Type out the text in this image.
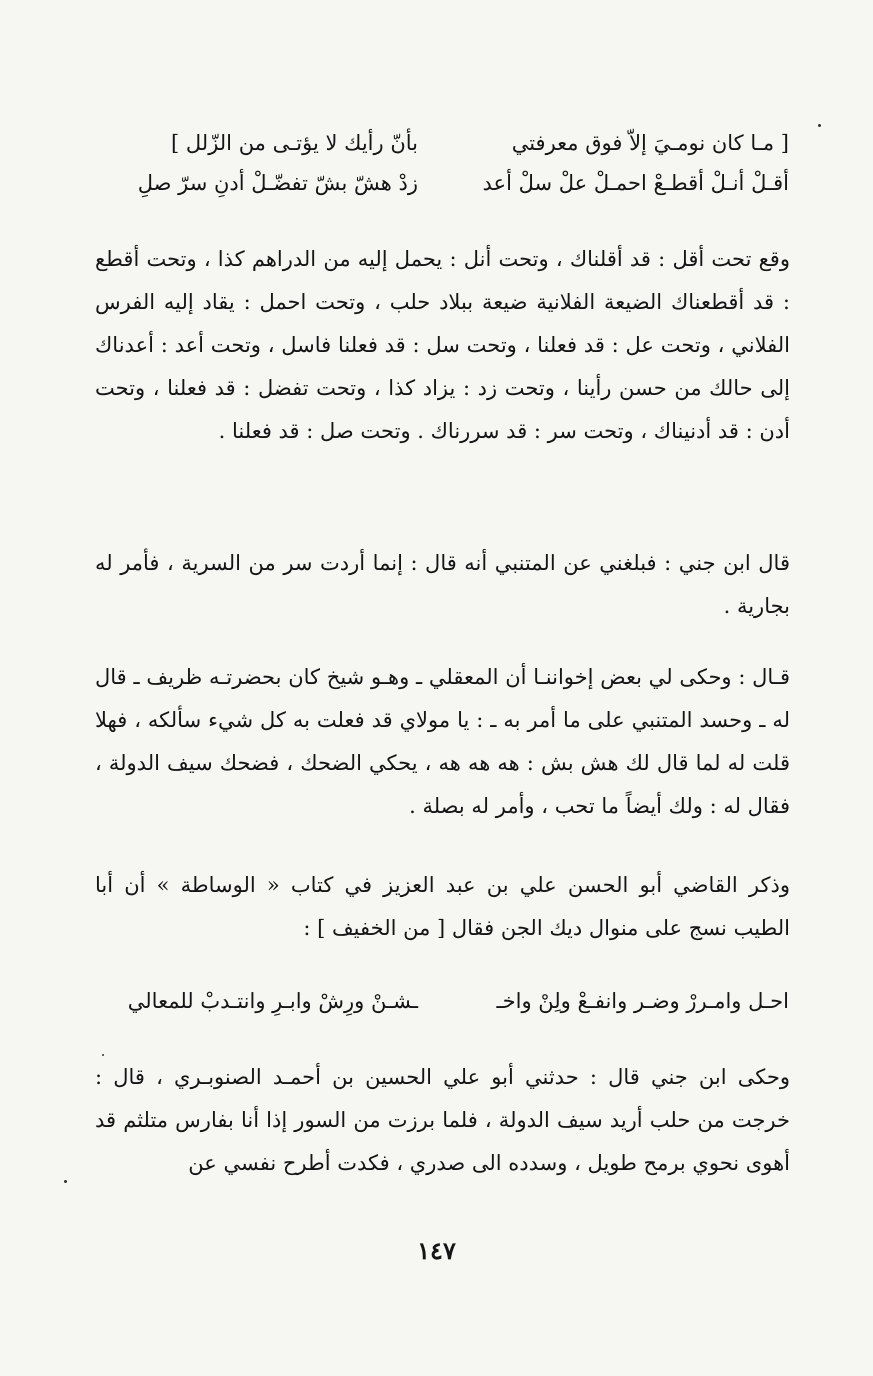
[ مـا كان نومـيَ إلاّ فوق معرفتي
بأنّ رأيك لا يؤتـى من الزّلل ]
أقـلْ أنـلْ أقطـعْ احمـلْ علْ سلْ أعد
زدْ هشّ بشّ تفضّـلْ أدنِ سرّ صلِ
وقع تحت أقل : قد أقلناك ، وتحت أنل : يحمل إليه من الدراهم كذا ، وتحت أقطع : قد أقطعناك الضيعة الفلانية ضيعة ببلاد حلب ، وتحت احمل : يقاد إليه الفرس الفلاني ، وتحت عل : قد فعلنا ، وتحت سل : قد فعلنا فاسل ، وتحت أعد : أعدناك إلى حالك من حسن رأينا ، وتحت زد : يزاد كذا ، وتحت تفضل : قد فعلنا ، وتحت أدن : قد أدنيناك ، وتحت سر : قد سررناك . وتحت صل : قد فعلنا .
قال ابن جني : فبلغني عن المتنبي أنه قال : إنما أردت سر من السرية ، فأمر له بجارية .
قـال : وحكى لي بعض إخواننـا أن المعقلي ـ وهـو شيخ كان بحضرتـه ظريف ـ قال له ـ وحسد المتنبي على ما أمر به ـ : يا مولاي قد فعلت به كل شيء سألكه ، فهلا قلت له لما قال لك هش بش : هه هه هه ، يحكي الضحك ، فضحك سيف الدولة ، فقال له : ولك أيضاً ما تحب ، وأمر له بصلة .
وذكر القاضي أبو الحسن علي بن عبد العزيز في كتاب « الوساطة » أن أبا الطيب نسج على منوال ديك الجن فقال [ من الخفيف ] :
احـل وامـررْ وضـر وانفـعْ ولِنْ واخـ
ـشـنْ ورِشْ وابـرِ وانتـدبْ للمعالي
وحكى ابن جني قال : حدثني أبو علي الحسين بن أحمـد الصنوبـري ، قال : خرجت من حلب أريد سيف الدولة ، فلما برزت من السور إذا أنا بفارس متلثم قد أهوى نحوي برمح طويل ، وسدده الى صدري ، فكدت أطرح نفسي عن
١٤٧
